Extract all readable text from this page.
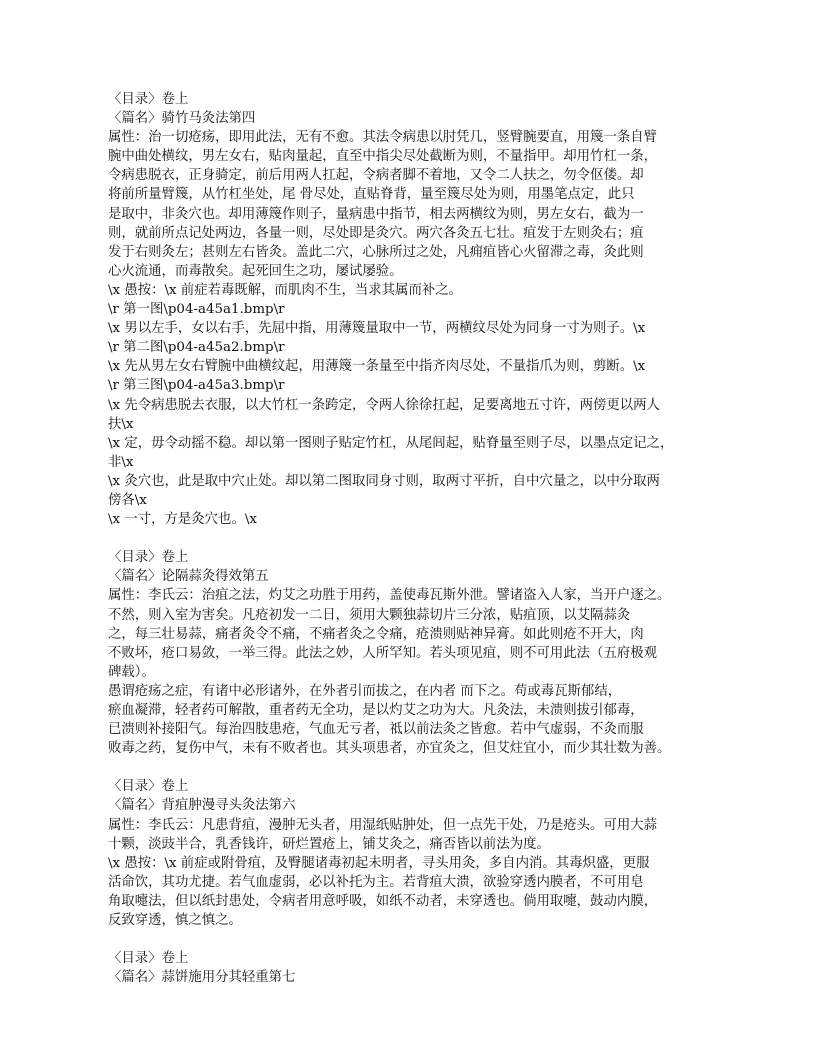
〈目录〉卷上
〈篇名〉骑竹马灸法第四
属性：治一切疮疡，即用此法，无有不愈。其法令病患以肘凭几，竖臂腕要直，用篾一条自臂
腕中曲处横纹，男左女右，贴肉量起，直至中指尖尽处截断为则，不量指甲。却用竹杠一条，
令病患脱衣，正身骑定，前后用两人扛起，令病者脚不着地，又令二人扶之，勿令伛偻。却
将前所量臂篾，从竹杠坐处，尾 骨尽处，直贴脊背，量至篾尽处为则，用墨笔点定，此只
是取中，非灸穴也。却用薄篾作则子，量病患中指节，相去两横纹为则，男左女右，截为一
则，就前所点记处两边，各量一则，尽处即是灸穴。两穴各灸五七壮。疽发于左则灸右；疽
发于右则灸左；甚则左右皆灸。盖此二穴，心脉所过之处，凡痈疽皆心火留滞之毒，灸此则
心火流通，而毒散矣。起死回生之功，屡试屡验。
\x 愚按：\x 前症若毒既解，而肌肉不生，当求其属而补之。
\r 第一图\p04-a45a1.bmp\r
\x 男以左手，女以右手，先屈中指，用薄篾量取中一节，两横纹尽处为同身一寸为则子。\x
\r 第二图\p04-a45a2.bmp\r
\x 先从男左女右臂腕中曲横纹起，用薄篾一条量至中指齐肉尽处，不量指爪为则，剪断。\x
\r 第三图\p04-a45a3.bmp\r
\x 先令病患脱去衣服，以大竹杠一条跨定，令两人徐徐扛起，足要离地五寸许，两傍更以两人
扶\x
\x 定，毋令动摇不稳。却以第一图则子贴定竹杠，从尾闾起，贴脊量至则子尽，以墨点定记之，
非\x
\x 灸穴也，此是取中穴止处。却以第二图取同身寸则，取两寸平折，自中穴量之，以中分取两
傍各\x
\x 一寸，方是灸穴也。\x
〈目录〉卷上
〈篇名〉论隔蒜灸得效第五
属性：李氏云：治疽之法，灼艾之功胜于用药，盖使毒瓦斯外泄。譬诸盗入人家，当开户逐之。
不然，则入室为害矣。凡疮初发一二日，须用大颗独蒜切片三分浓，贴疽顶，以艾隔蒜灸
之，每三壮易蒜，痛者灸令不痛，不痛者灸之令痛，疮溃则贴神异膏。如此则疮不开大，肉
不败坏，疮口易敛，一举三得。此法之妙，人所罕知。若头项见疽，则不可用此法（五府极观
碑载）。
愚谓疮疡之症，有诸中必形诸外，在外者引而拔之，在内者 而下之。苟或毒瓦斯郁结，
瘀血凝滞，轻者药可解散，重者药无全功，是以灼艾之功为大。凡灸法，未溃则拔引郁毒，
已溃则补接阳气。每治四肢患疮，气血无亏者，祗以前法灸之皆愈。若中气虚弱，不灸而服
败毒之药，复伤中气，未有不败者也。其头项患者，亦宜灸之，但艾炷宜小，而少其壮数为善。
〈目录〉卷上
〈篇名〉背疽肿漫寻头灸法第六
属性：李氏云：凡患背疽，漫肿无头者，用湿纸贴肿处，但一点先干处，乃是疮头。可用大蒜
十颗，淡豉半合，乳香钱许，研烂置疮上，铺艾灸之，痛否皆以前法为度。
\x 愚按：\x 前症或附骨疽，及臀腿诸毒初起未明者，寻头用灸，多自内消。其毒炽盛，更服
活命饮，其功尤捷。若气血虚弱，必以补托为主。若背疽大溃，欲验穿透内膜者，不可用皂
角取嚏法，但以纸封患处，令病者用意呼吸，如纸不动者，未穿透也。倘用取嚏，鼓动内膜，
反致穿透，慎之慎之。
〈目录〉卷上
〈篇名〉蒜饼施用分其轻重第七
